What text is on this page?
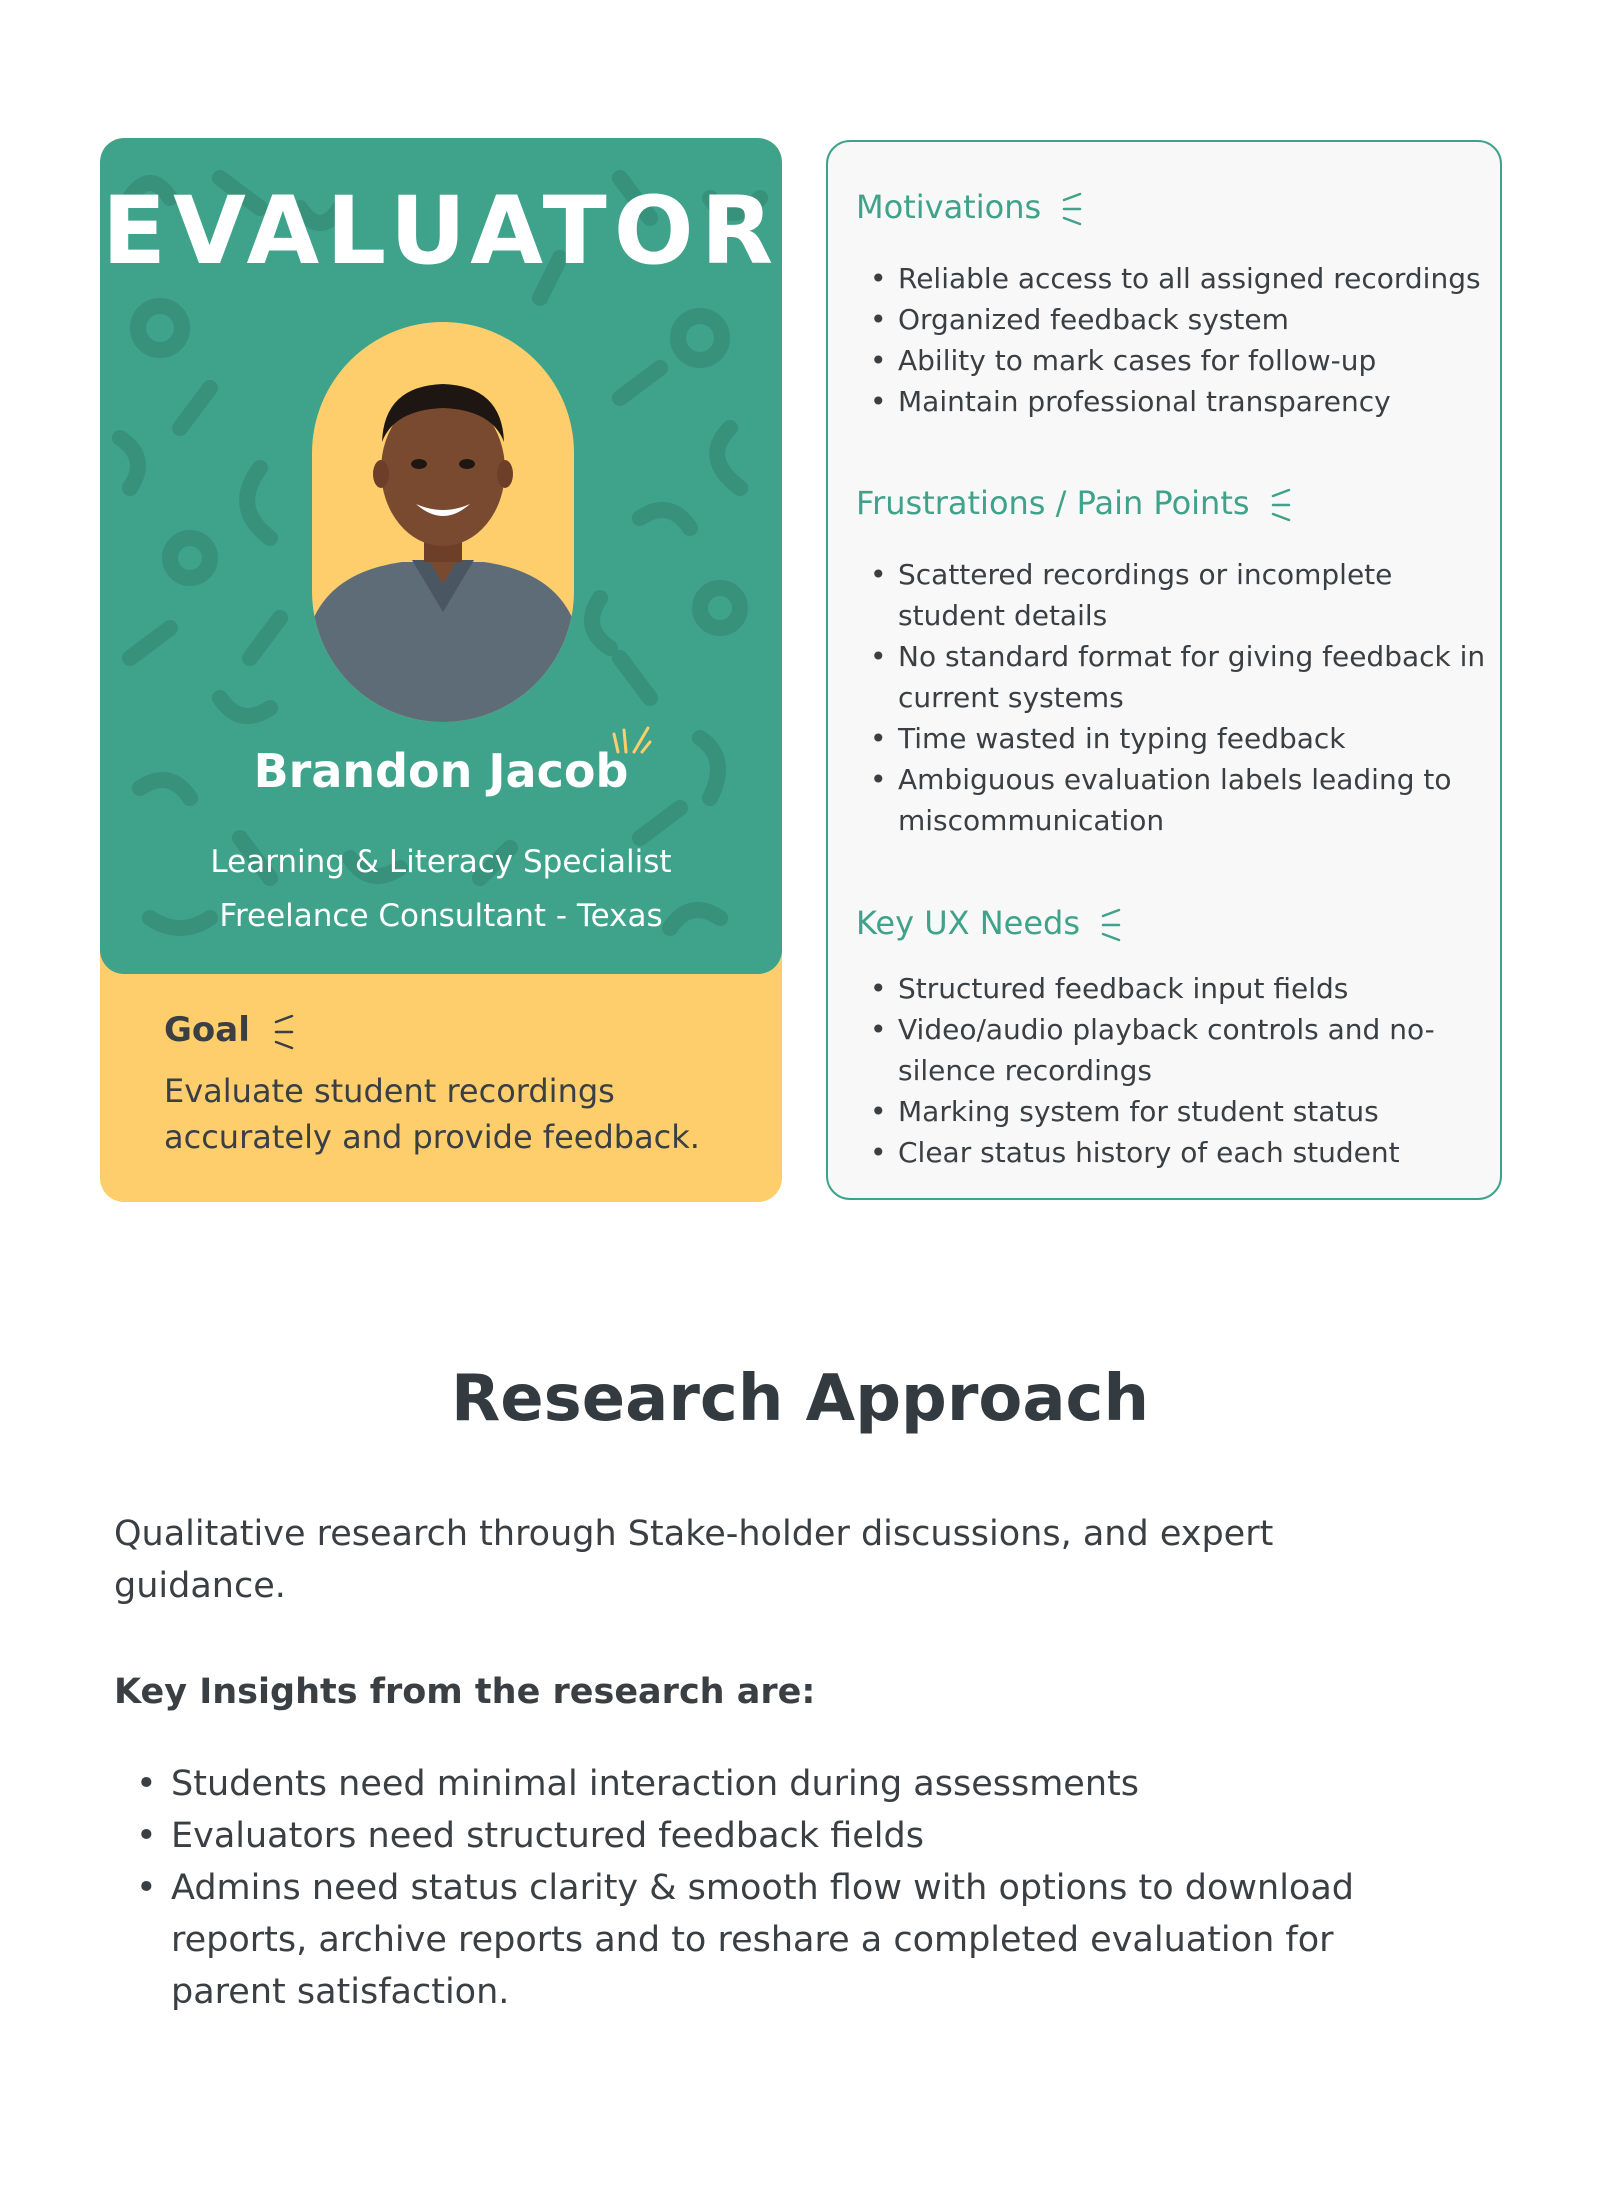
EVALUATOR
Brandon Jacob
Learning & Literacy Specialist
Freelance Consultant - Texas
Goal
Evaluate student recordings accurately and provide feedback.
Motivations
• Reliable access to all assigned recordings
• Organized feedback system
• Ability to mark cases for follow-up
• Maintain professional transparency
Frustrations / Pain Points
• Scattered recordings or incomplete student details
• No standard format for giving feedback in current systems
• Time wasted in typing feedback
• Ambiguous evaluation labels leading to miscommunication
Key UX Needs
• Structured feedback input fields
• Video/audio playback controls and no-silence recordings
• Marking system for student status
• Clear status history of each student
Research Approach
Qualitative research through Stake-holder discussions, and expert guidance.
Key Insights from the research are:
• Students need minimal interaction during assessments
• Evaluators need structured feedback fields
• Admins need status clarity & smooth flow with options to download reports, archive reports and to reshare a completed evaluation for parent satisfaction.
